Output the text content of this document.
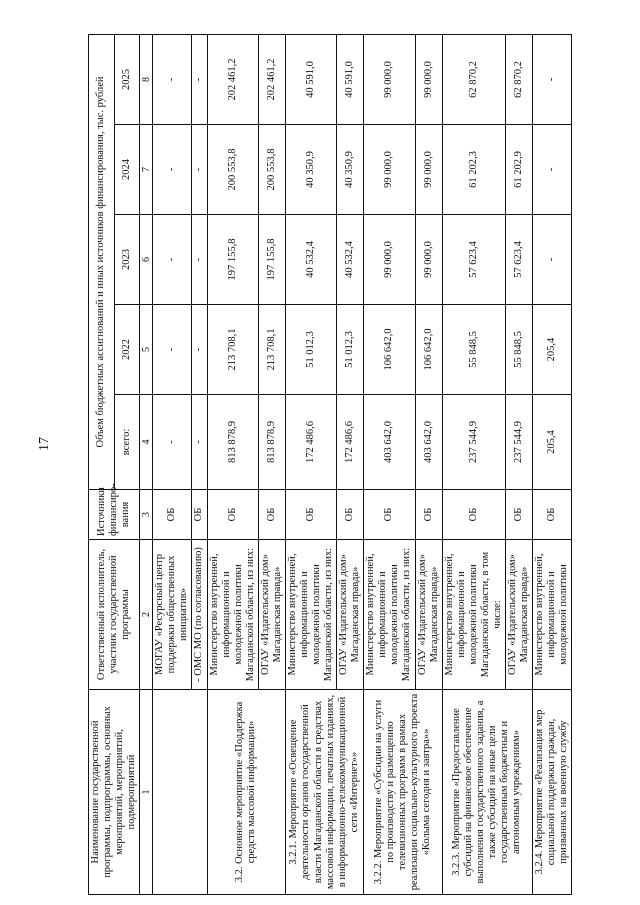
17
Наименование государственной программы, подпрограммы, основных мероприятий, мероприятий, подмероприятий	Ответственный исполнитель, участник государственной программы	Источники финансиро-вания	Объем бюджетных ассигнований и иных источников финансирования, тыс. рублей				
			всего:	2022	2023	2024	2025
1	2	3	4	5	6	7	8
	МОГАУ «Ресурсный центр поддержки общественных инициатив»	ОБ	-	-	-	-	-
	- ОМС МО (по согласованию)	ОБ	-	-	-	-	-
3.2. Основное мероприятие «Поддержка средств массовой информации»	Министерство внутренней, информационной и молодежной политики Магаданской области, из них:	ОБ	813 878,9	213 708,1	197 155,8	200 553,8	202 461,2
	ОГАУ «Издательский дом» Магаданская правда»	ОБ	813 878,9	213 708,1	197 155,8	200 553,8	202 461,2
3.2.1. Мероприятие «Освещение деятельности органов государственной власти Магаданской области в средствах массовой информации, печатных изданиях, в информационно-телекоммуникационной сети «Интернет»»	Министерство внутренней, информационной и молодежной политики Магаданской области, из них:	ОБ	172 486,6	51 012,3	40 532,4	40 350,9	40 591,0
	ОГАУ «Издательский дом» Магаданская правда»	ОБ	172 486,6	51 012,3	40 532,4	40 350,9	40 591,0
3.2.2. Мероприятие «Субсидии на услуги по производству и размещению телевизионных программ в рамках реализации социально-культурного проекта «Колыма сегодня и завтра»»	Министерство внутренней, информационной и молодежной политики Магаданской области, из них:	ОБ	403 642,0	106 642,0	99 000,0	99 000,0	99 000,0
	ОГАУ «Издательский дом» Магаданская правда»	ОБ	403 642,0	106 642,0	99 000,0	99 000,0	99 000,0
3.2.3. Мероприятие «Предоставление субсидий на финансовое обеспечение выполнения государственного задания, а также субсидий на иные цели государственным бюджетным и автономным учреждениям»	Министерство внутренней, информационной и молодежной политики Магаданской области, в том числе:	ОБ	237 544,9	55 848,5	57 623,4	61 202,3	62 870,2
	ОГАУ «Издательский дом» Магаданская правда»	ОБ	237 544,9	55 848,5	57 623,4	61 202,9	62 870,2
3.2.4. Мероприятие «Реализация мер социальной поддержки граждан, призванных на военную службу	Министерство внутренней, информационной и молодежной политики	ОБ	205,4	205,4	-	-	-
